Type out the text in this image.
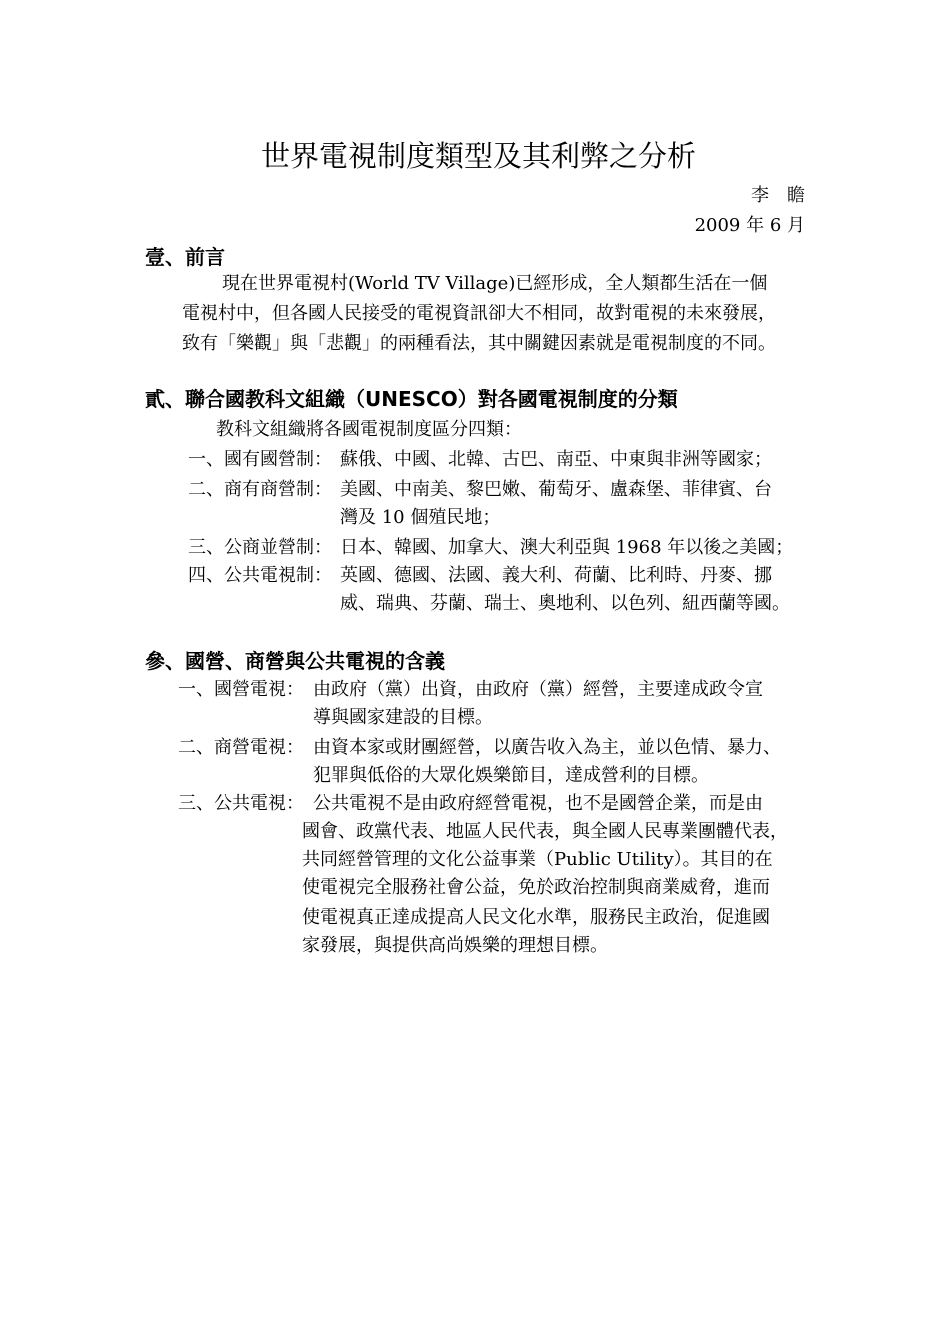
世界電視制度類型及其利弊之分析
李　瞻
2009 年 6 月
壹、前言
現在世界電視村(World TV Village)已經形成，全人類都生活在一個
電視村中，但各國人民接受的電視資訊卻大不相同，故對電視的未來發展，
致有「樂觀」與「悲觀」的兩種看法，其中關鍵因素就是電視制度的不同。
貳、聯合國教科文組織（UNESCO）對各國電視制度的分類
教科文組織將各國電視制度區分四類：
一、國有國營制： 蘇俄、中國、北韓、古巴、南亞、中東與非洲等國家；
二、商有商營制： 美國、中南美、黎巴嫩、葡萄牙、盧森堡、菲律賓、台
灣及 10 個殖民地；
三、公商並營制： 日本、韓國、加拿大、澳大利亞與 1968 年以後之美國；
四、公共電視制： 英國、德國、法國、義大利、荷蘭、比利時、丹麥、挪
威、瑞典、芬蘭、瑞士、奧地利、以色列、紐西蘭等國。
參、國營、商營與公共電視的含義
一、國營電視： 由政府（黨）出資，由政府（黨）經營，主要達成政令宣
導與國家建設的目標。
二、商營電視： 由資本家或財團經營，以廣告收入為主，並以色情、暴力、
犯罪與低俗的大眾化娛樂節目，達成營利的目標。
三、公共電視： 公共電視不是由政府經營電視，也不是國營企業，而是由
國會、政黨代表、地區人民代表，與全國人民專業團體代表，
共同經營管理的文化公益事業（Public Utility）。其目的在
使電視完全服務社會公益，免於政治控制與商業威脅，進而
使電視真正達成提高人民文化水準，服務民主政治，促進國
家發展，與提供高尚娛樂的理想目標。
